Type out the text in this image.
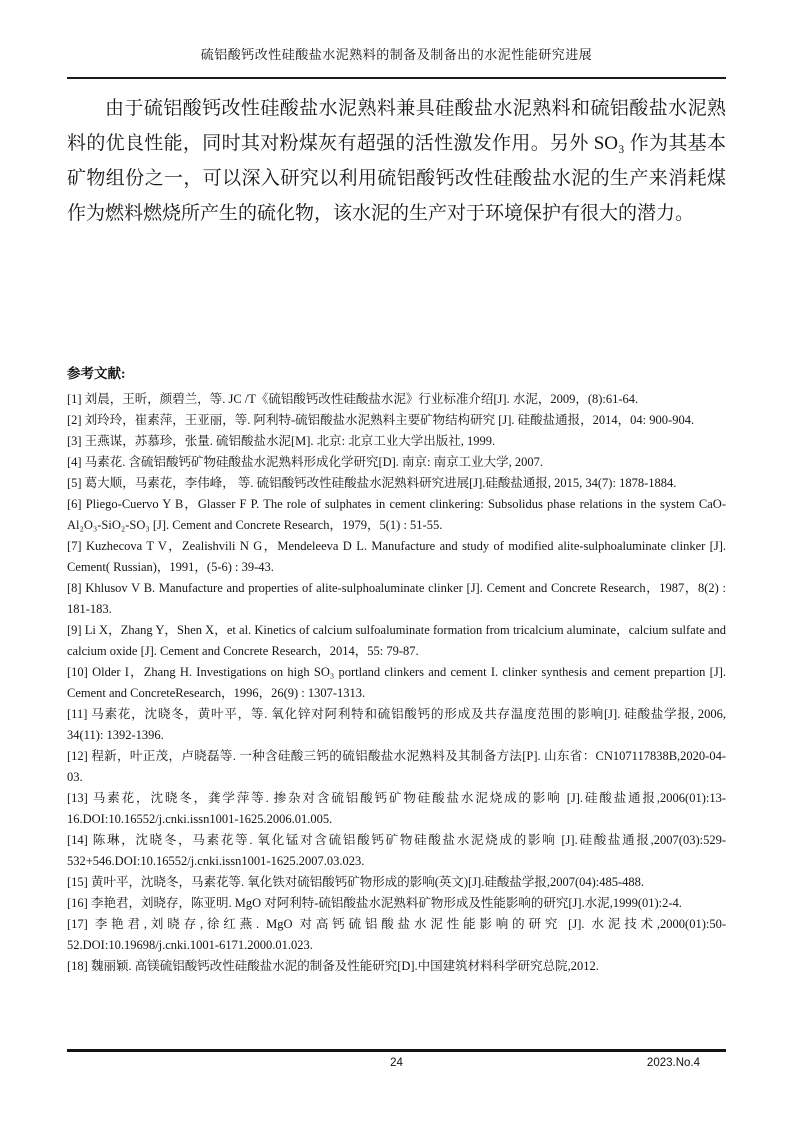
硫铝酸钙改性硅酸盐水泥熟料的制备及制备出的水泥性能研究进展

由于硫铝酸钙改性硅酸盐水泥熟料兼具硅酸盐水泥熟料和硫铝酸盐水泥熟料的优良性能，同时其对粉煤灰有超强的活性激发作用。另外 SO₃ 作为其基本矿物组份之一，可以深入研究以利用硫铝酸钙改性硅酸盐水泥的生产来消耗煤作为燃料燃烧所产生的硫化物，该水泥的生产对于环境保护有很大的潜力。

参考文献:

[1] 刘晨，王昕，颜碧兰，等. JC /T《硫铝酸钙改性硅酸盐水泥》行业标准介绍[J]. 水泥，2009，(8):61-64.

[2] 刘玲玲，崔素萍，王亚丽，等. 阿利特-硫铝酸盐水泥熟料主要矿物结构研究 [J]. 硅酸盐通报，2014，04: 900-904.

[3] 王燕谋，苏慕珍，张量. 硫铝酸盐水泥[M]. 北京: 北京工业大学出版社, 1999.

[4] 马素花. 含硫铝酸钙矿物硅酸盐水泥熟料形成化学研究[D]. 南京: 南京工业大学, 2007.

[5] 葛大顺，马素花，李伟峰， 等. 硫铝酸钙改性硅酸盐水泥熟料研究进展[J].硅酸盐通报, 2015, 34(7): 1878-1884.

[6] Pliego-Cuervo Y B，Glasser F P. The role of sulphates in cement clinkering: Subsolidus phase relations in the system CaO-Al₂O₃-SiO₂-SO₃ [J]. Cement and Concrete Research，1979，5(1) : 51-55.

[7] Kuzhecova T V，Zealishvili N G，Mendeleeva D L. Manufacture and study of modified alite-sulphoaluminate clinker [J]. Cement( Russian)，1991，(5-6) : 39-43.

[8] Khlusov V B. Manufacture and properties of alite-sulphoaluminate clinker [J]. Cement and Concrete Research，1987，8(2) : 181-183.

[9] Li X，Zhang Y，Shen X，et al. Kinetics of calcium sulfoaluminate formation from tricalcium aluminate，calcium sulfate and calcium oxide [J]. Cement and Concrete Research，2014，55: 79-87.

[10] Older I，Zhang H. Investigations on high SO₃ portland clinkers and cement I. clinker synthesis and cement prepartion [J]. Cement and ConcreteResearch，1996，26(9) : 1307-1313.

[11] 马素花，沈晓冬，黄叶平，等. 氧化锌对阿利特和硫铝酸钙的形成及共存温度范围的影响[J]. 硅酸盐学报, 2006, 34(11): 1392-1396.

[12] 程新，叶正茂，卢晓磊等. 一种含硅酸三钙的硫铝酸盐水泥熟料及其制备方法[P]. 山东省：CN107117838B,2020-04-03.

[13] 马素花，沈晓冬，龚学萍等. 掺杂对含硫铝酸钙矿物硅酸盐水泥烧成的影响 [J].硅酸盐通报,2006(01):13-16.DOI:10.16552/j.cnki.issn1001-1625.2006.01.005.

[14] 陈琳，沈晓冬，马素花等. 氧化锰对含硫铝酸钙矿物硅酸盐水泥烧成的影响 [J].硅酸盐通报,2007(03):529-532+546.DOI:10.16552/j.cnki.issn1001-1625.2007.03.023.

[15] 黄叶平，沈晓冬，马素花等. 氧化铁对硫铝酸钙矿物形成的影响(英文)[J].硅酸盐学报,2007(04):485-488.

[16] 李艳君，刘晓存，陈亚明. MgO 对阿利特-硫铝酸盐水泥熟料矿物形成及性能影响的研究[J].水泥,1999(01):2-4.

[17] 李艳君,刘晓存,徐红燕. MgO 对高钙硫铝酸盐水泥性能影响的研究 [J]. 水泥技术,2000(01):50-52.DOI:10.19698/j.cnki.1001-6171.2000.01.023.

[18] 魏丽颖. 高镁硫铝酸钙改性硅酸盐水泥的制备及性能研究[D].中国建筑材料科学研究总院,2012.

24	2023.No.4
